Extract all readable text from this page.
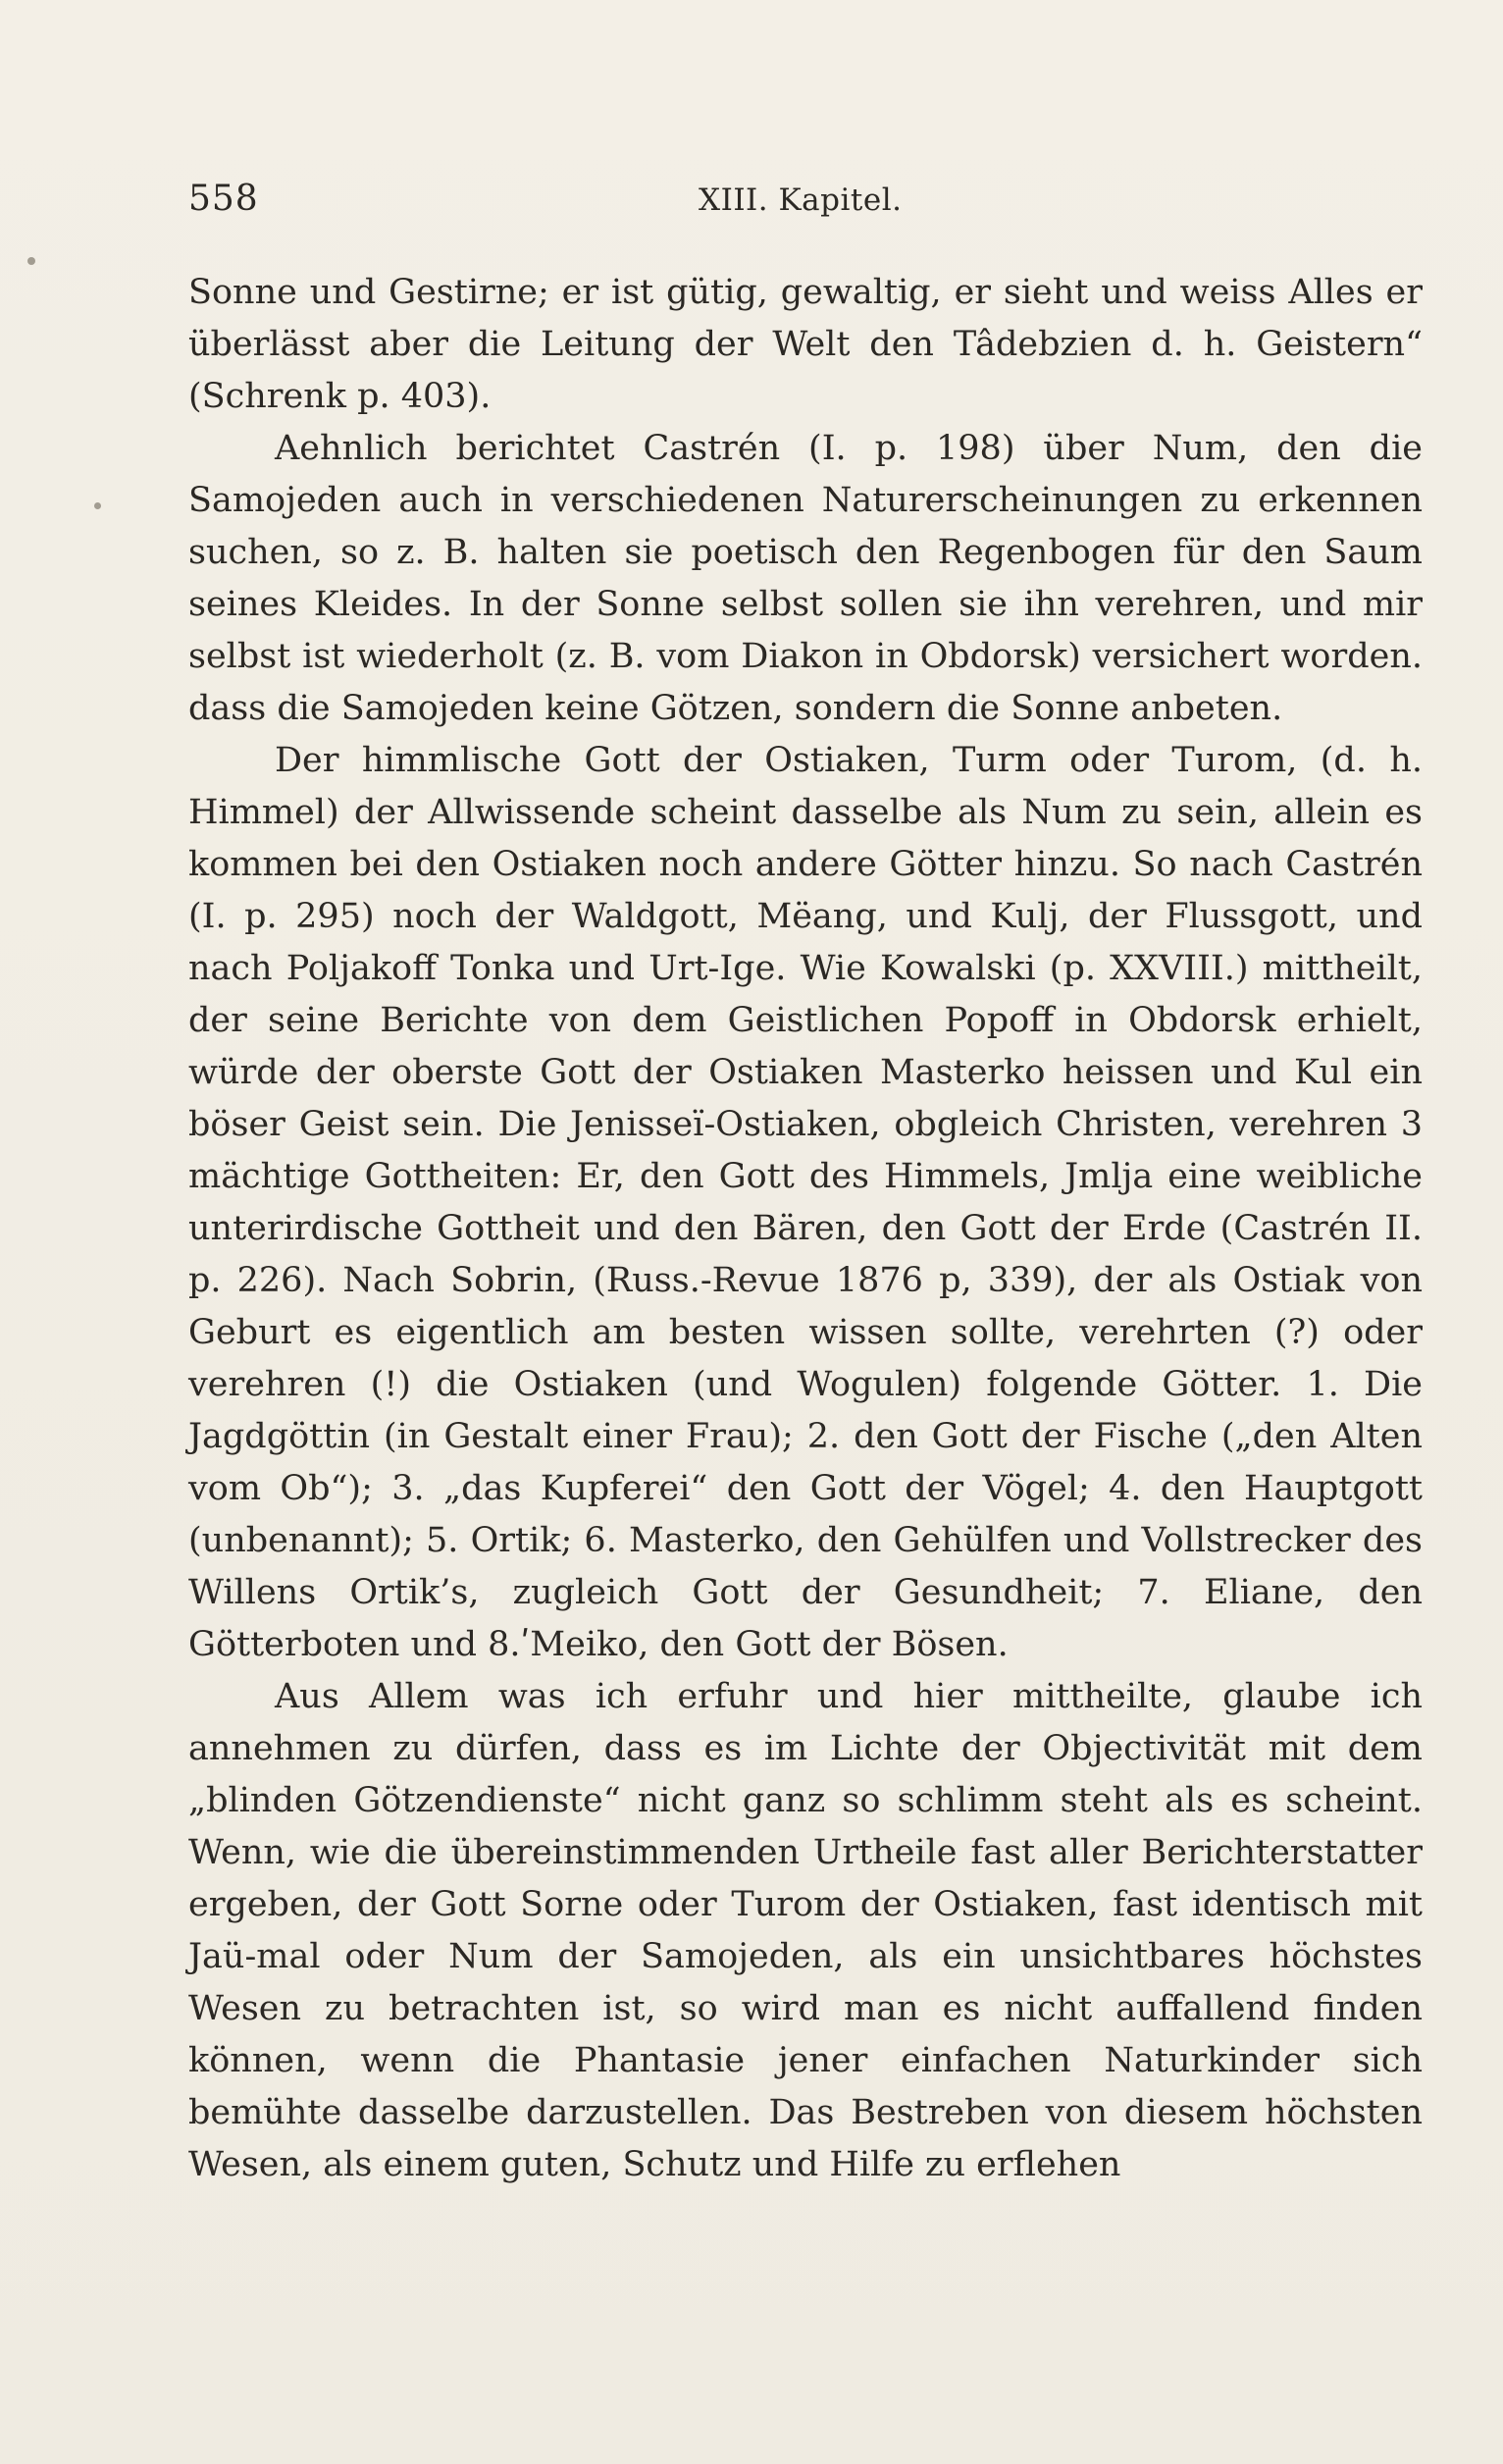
558	XIII. Kapitel.

Sonne und Gestirne; er ist gütig, gewaltig, er sieht und weiss Alles er überlässt aber die Leitung der Welt den Tâdebzien d. h. Geistern“ (Schrenk p. 403).

Aehnlich berichtet Castrén (I. p. 198) über Num, den die Samojeden auch in verschiedenen Naturerscheinungen zu erkennen suchen, so z. B. halten sie poetisch den Regenbogen für den Saum seines Kleides. In der Sonne selbst sollen sie ihn verehren, und mir selbst ist wiederholt (z. B. vom Diakon in Obdorsk) versichert worden. dass die Samojeden keine Götzen, sondern die Sonne anbeten.

Der himmlische Gott der Ostiaken, Turm oder Turom, (d. h. Himmel) der Allwissende scheint dasselbe als Num zu sein, allein es kommen bei den Ostiaken noch andere Götter hinzu. So nach Castrén (I. p. 295) noch der Waldgott, Mëang, und Kulj, der Flussgott, und nach Poljakoff Tonka und Urt-Ige. Wie Kowalski (p. XXVIII.) mittheilt, der seine Berichte von dem Geistlichen Popoff in Obdorsk erhielt, würde der oberste Gott der Ostiaken Masterko heissen und Kul ein böser Geist sein. Die Jenisseï-Ostiaken, obgleich Christen, verehren 3 mächtige Gottheiten: Er, den Gott des Himmels, Jmlja eine weibliche unterirdische Gottheit und den Bären, den Gott der Erde (Castrén II. p. 226). Nach Sobrin, (Russ.-Revue 1876 p, 339), der als Ostiak von Geburt es eigentlich am besten wissen sollte, verehrten (?) oder verehren (!) die Ostiaken (und Wogulen) folgende Götter. 1. Die Jagdgöttin (in Gestalt einer Frau); 2. den Gott der Fische („den Alten vom Ob“); 3. „das Kupferei“ den Gott der Vögel; 4. den Hauptgott (unbenannt); 5. Ortik; 6. Masterko, den Gehülfen und Vollstrecker des Willens Ortik’s, zugleich Gott der Gesundheit; 7. Eliane, den Götterboten und 8.ʹMeiko, den Gott der Bösen.

Aus Allem was ich erfuhr und hier mittheilte, glaube ich annehmen zu dürfen, dass es im Lichte der Objectivität mit dem „blinden Götzendienste“ nicht ganz so schlimm steht als es scheint. Wenn, wie die übereinstimmenden Urtheile fast aller Berichterstatter ergeben, der Gott Sorne oder Turom der Ostiaken, fast identisch mit Jaü-mal oder Num der Samojeden, als ein unsichtbares höchstes Wesen zu betrachten ist, so wird man es nicht auffallend finden können, wenn die Phantasie jener einfachen Naturkinder sich bemühte dasselbe darzustellen. Das Bestreben von diesem höchsten Wesen, als einem guten, Schutz und Hilfe zu erflehen
